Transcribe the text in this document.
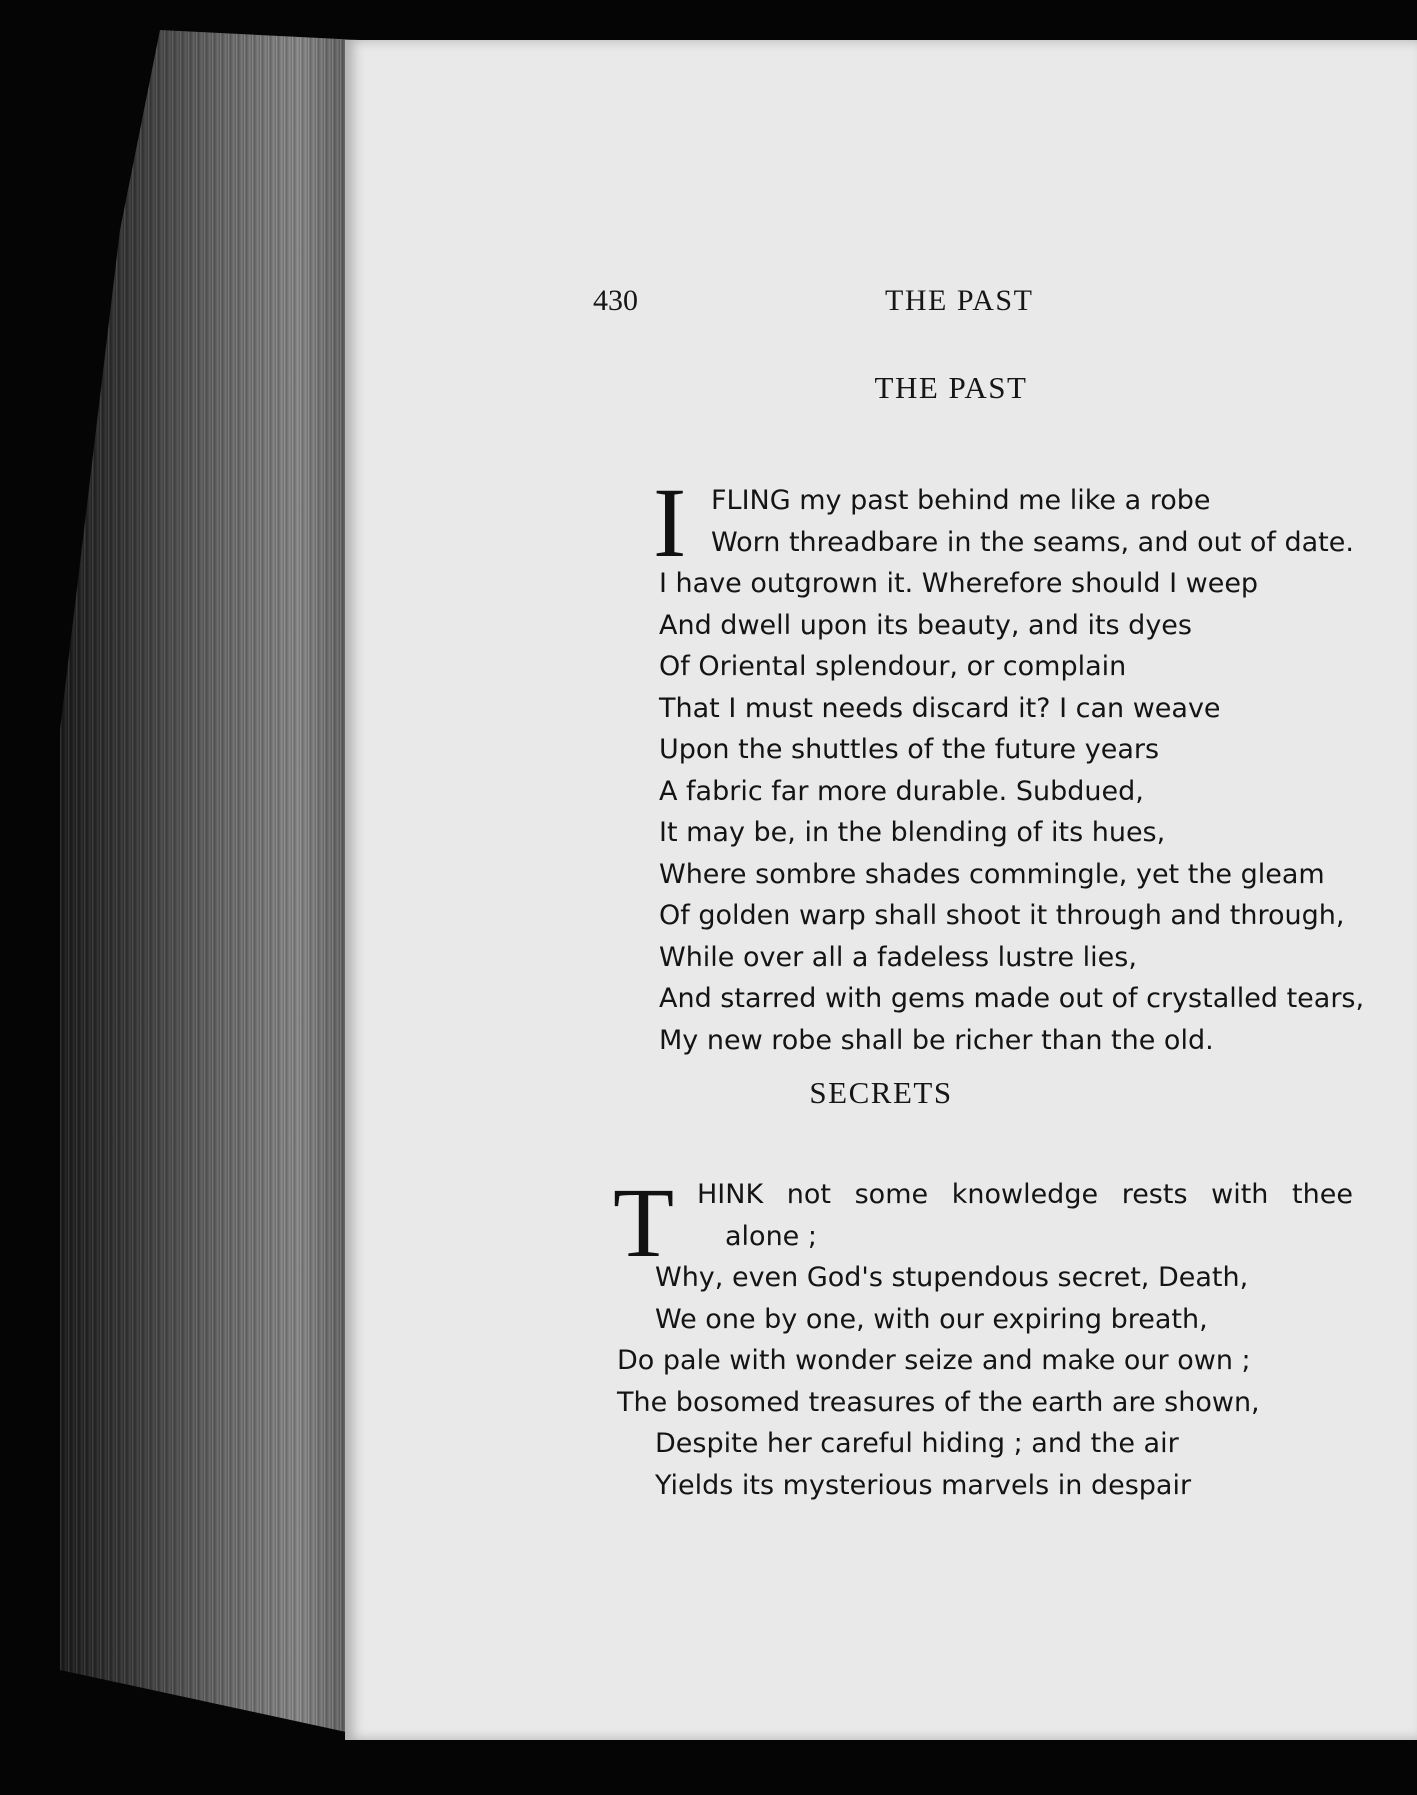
430	THE PAST
THE PAST
I FLING my past behind me like a robe
Worn threadbare in the seams, and out of date.
I have outgrown it. Wherefore should I weep
And dwell upon its beauty, and its dyes
Of Oriental splendour, or complain
That I must needs discard it? I can weave
Upon the shuttles of the future years
A fabric far more durable. Subdued,
It may be, in the blending of its hues,
Where sombre shades commingle, yet the gleam
Of golden warp shall shoot it through and through,
While over all a fadeless lustre lies,
And starred with gems made out of crystalled tears,
My new robe shall be richer than the old.
SECRETS
T HINK not some knowledge rests with thee
alone ;
Why, even God's stupendous secret, Death,
We one by one, with our expiring breath,
Do pale with wonder seize and make our own ;
The bosomed treasures of the earth are shown,
Despite her careful hiding ; and the air
Yields its mysterious marvels in despair
